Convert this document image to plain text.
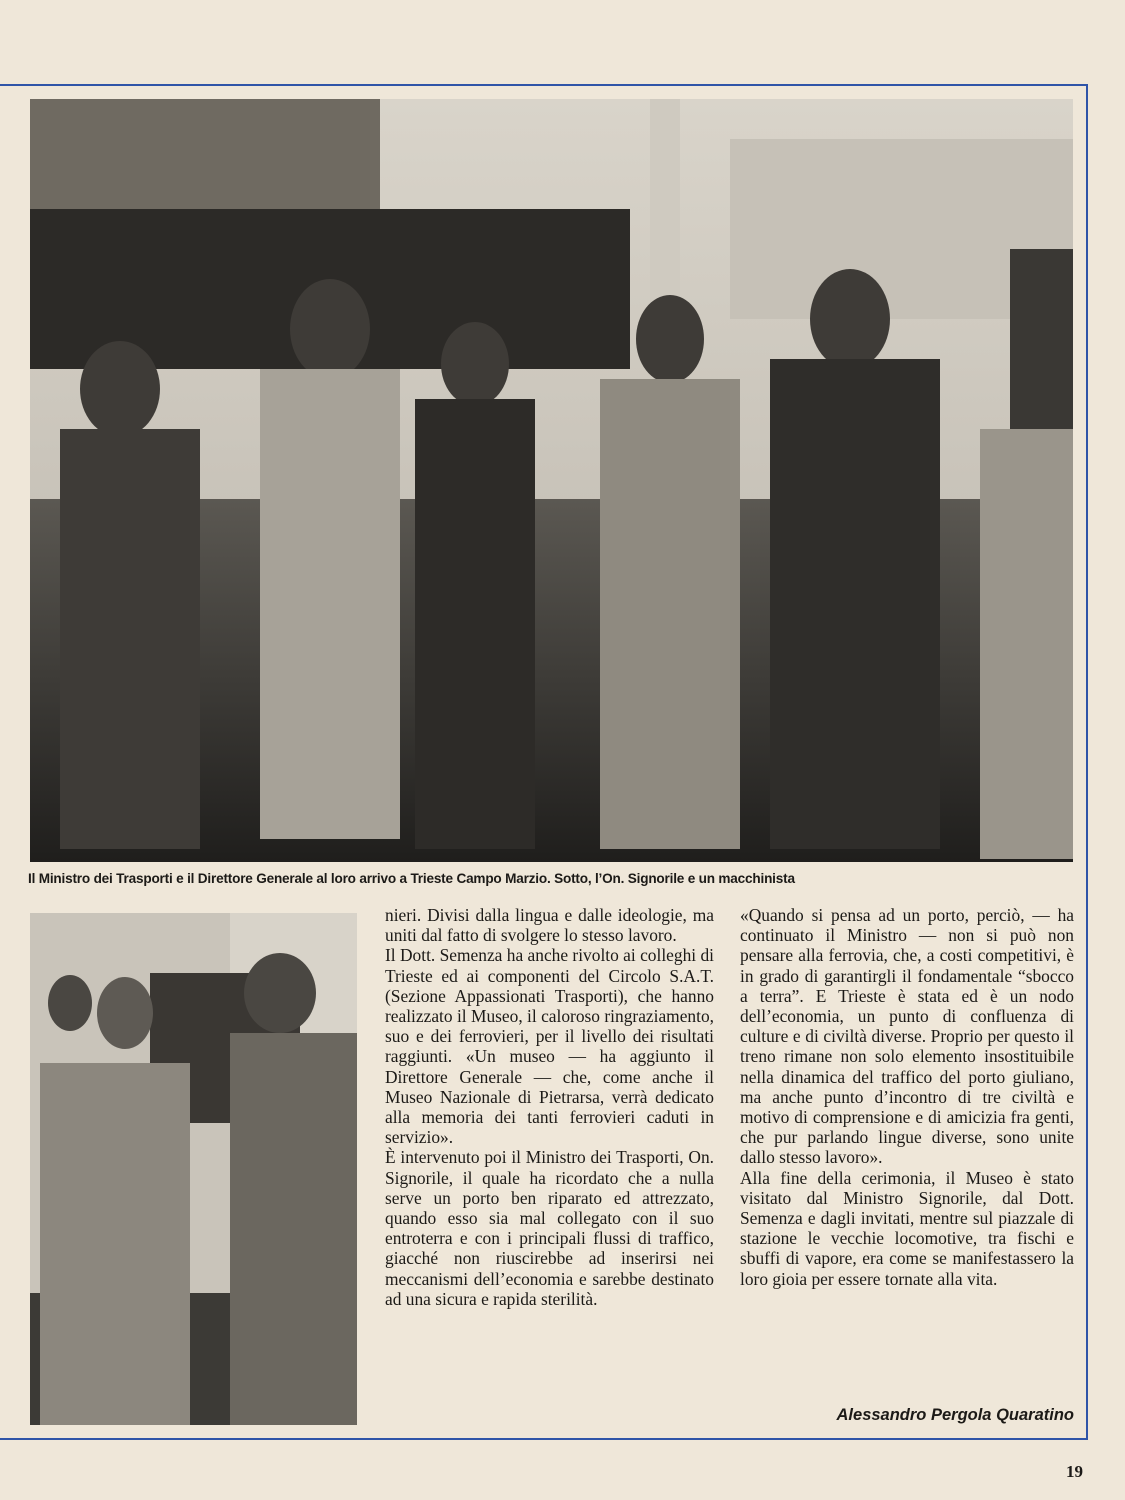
Il Ministro dei Trasporti e il Direttore Generale al loro arrivo a Trieste Campo Marzio. Sotto, l’On. Signorile e un macchinista

nieri. Divisi dalla lingua e dalle ideologie, ma uniti dal fatto di svolgere lo stesso lavoro.

Il Dott. Semenza ha anche rivolto ai colleghi di Trieste ed ai componenti del Circolo S.A.T. (Sezione Appassionati Trasporti), che hanno realizzato il Museo, il caloroso ringraziamento, suo e dei ferrovieri, per il livello dei risultati raggiunti. «Un museo — ha aggiunto il Direttore Generale — che, come anche il Museo Nazionale di Pietrarsa, verrà dedicato alla memoria dei tanti ferrovieri caduti in servizio».

È intervenuto poi il Ministro dei Trasporti, On. Signorile, il quale ha ricordato che a nulla serve un porto ben riparato ed attrezzato, quando esso sia mal collegato con il suo entroterra e con i principali flussi di traffico, giacché non riuscirebbe ad inserirsi nei meccanismi dell’economia e sarebbe destinato ad una sicura e rapida sterilità.

«Quando si pensa ad un porto, perciò, — ha continuato il Ministro — non si può non pensare alla ferrovia, che, a costi competitivi, è in grado di garantirgli il fondamentale “sbocco a terra”. E Trieste è stata ed è un nodo dell’economia, un punto di confluenza di culture e di civiltà diverse. Proprio per questo il treno rimane non solo elemento insostituibile nella dinamica del traffico del porto giuliano, ma anche punto d’incontro di tre civiltà e motivo di comprensione e di amicizia fra genti, che pur parlando lingue diverse, sono unite dallo stesso lavoro».

Alla fine della cerimonia, il Museo è stato visitato dal Ministro Signorile, dal Dott. Semenza e dagli invitati, mentre sul piazzale di stazione le vecchie locomotive, tra fischi e sbuffi di vapore, era come se manifestassero la loro gioia per essere tornate alla vita.

Alessandro Pergola Quaratino
19
